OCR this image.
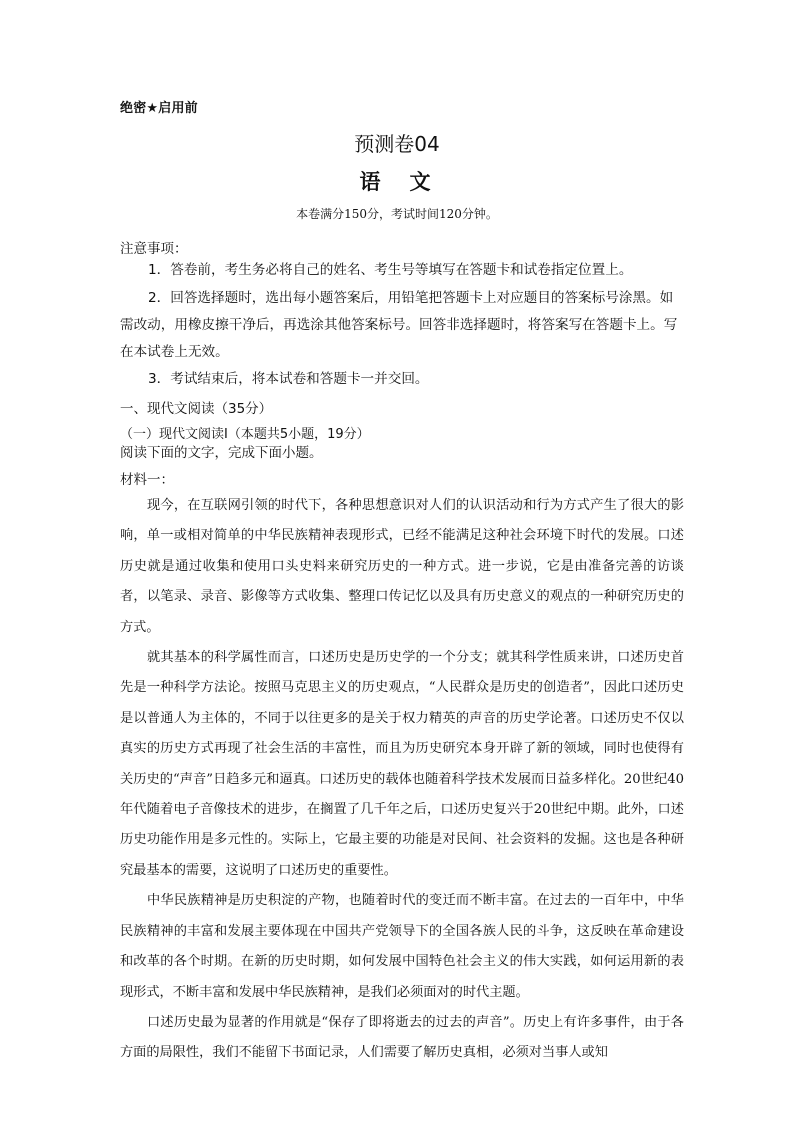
绝密★启用前
预测卷04
语　文
本卷满分150分，考试时间120分钟。
注意事项：
1．答卷前，考生务必将自己的姓名、考生号等填写在答题卡和试卷指定位置上。
2．回答选择题时，选出每小题答案后，用铅笔把答题卡上对应题目的答案标号涂黑。如需改动，用橡皮擦干净后，再选涂其他答案标号。回答非选择题时，将答案写在答题卡上。写在本试卷上无效。
3．考试结束后，将本试卷和答题卡一并交回。
一、现代文阅读（35分）
（一）现代文阅读Ⅰ（本题共5小题，19分）
阅读下面的文字，完成下面小题。
材料一：

现今，在互联网引领的时代下，各种思想意识对人们的认识活动和行为方式产生了很大的影响，单一或相对简单的中华民族精神表现形式，已经不能满足这种社会环境下时代的发展。口述历史就是通过收集和使用口头史料来研究历史的一种方式。进一步说，它是由准备完善的访谈者，以笔录、录音、影像等方式收集、整理口传记忆以及具有历史意义的观点的一种研究历史的方式。

就其基本的科学属性而言，口述历史是历史学的一个分支；就其科学性质来讲，口述历史首先是一种科学方法论。按照马克思主义的历史观点，“人民群众是历史的创造者”，因此口述历史是以普通人为主体的，不同于以往更多的是关于权力精英的声音的历史学论著。口述历史不仅以真实的历史方式再现了社会生活的丰富性，而且为历史研究本身开辟了新的领域，同时也使得有关历史的“声音”日趋多元和逼真。口述历史的载体也随着科学技术发展而日益多样化。20世纪40年代随着电子音像技术的进步，在搁置了几千年之后，口述历史复兴于20世纪中期。此外，口述历史功能作用是多元性的。实际上，它最主要的功能是对民间、社会资料的发掘。这也是各种研究最基本的需要，这说明了口述历史的重要性。

中华民族精神是历史积淀的产物，也随着时代的变迁而不断丰富。在过去的一百年中，中华民族精神的丰富和发展主要体现在中国共产党领导下的全国各族人民的斗争，这反映在革命建设和改革的各个时期。在新的历史时期，如何发展中国特色社会主义的伟大实践，如何运用新的表现形式，不断丰富和发展中华民族精神，是我们必须面对的时代主题。

口述历史最为显著的作用就是“保存了即将逝去的过去的声音”。历史上有许多事件，由于各方面的局限性，我们不能留下书面记录，人们需要了解历史真相，必须对当事人或知
